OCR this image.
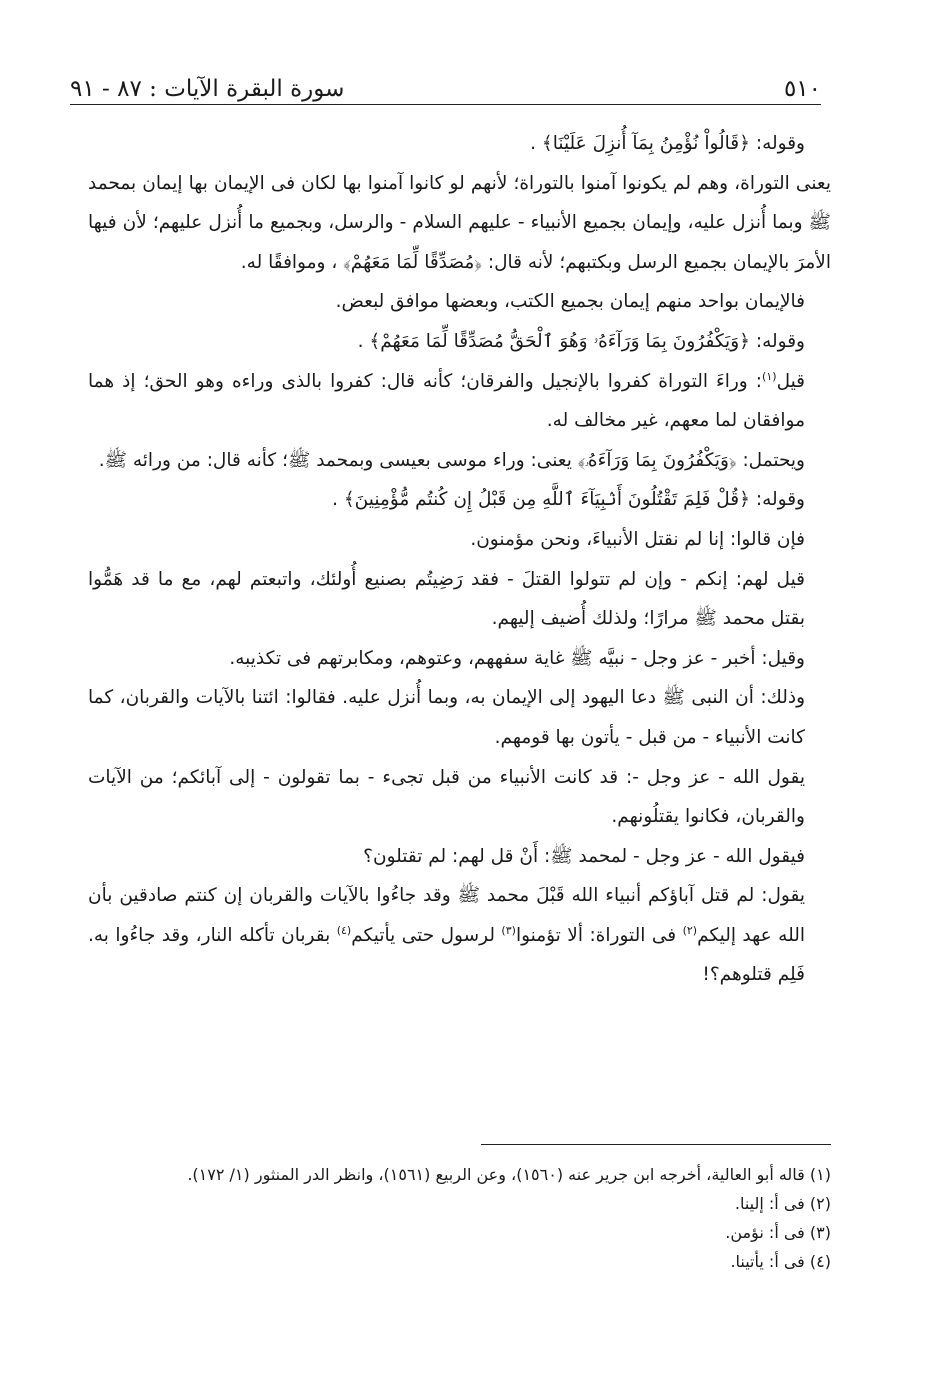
٥١٠
سورة البقرة الآيات : ٨٧ - ٩١

وقوله: ﴿قَالُواْ نُؤْمِنُ بِمَآ أُنزِلَ عَلَيْنَا﴾ .

يعنى التوراة، وهم لم يكونوا آمنوا بالتوراة؛ لأنهم لو كانوا آمنوا بها لكان فى الإيمان بها إيمان بمحمد ﷺ وبما أُنزل عليه، وإيمان بجميع الأنبياء - عليهم السلام - والرسل، وبجميع ما أُنزل عليهم؛ لأن فيها الأمرَ بالإيمان بجميع الرسل وبكتبهم؛ لأنه قال: ﴿مُصَدِّقًا لِّمَا مَعَهُمْ﴾ ، وموافقًا له.

فالإيمان بواحد منهم إيمان بجميع الكتب، وبعضها موافق لبعض.

وقوله: ﴿وَيَكْفُرُونَ بِمَا وَرَآءَهُۥ وَهُوَ ٱلْحَقُّ مُصَدِّقًا لِّمَا مَعَهُمْ﴾ .

قيل$^{(١)}$: وراءَ التوراة كفروا بالإنجيل والفرقان؛ كأنه قال: كفروا بالذى وراءه وهو الحق؛ إذ هما موافقان لما معهم، غير مخالف له.

ويحتمل: ﴿وَيَكْفُرُونَ بِمَا وَرَآءَهُۥ﴾ يعنى: وراء موسى بعيسى وبمحمد ﷺ؛ كأنه قال: من ورائه ﷺ.

وقوله: ﴿قُلْ فَلِمَ تَقْتُلُونَ أَنۢبِيَآءَ ٱللَّهِ مِن قَبْلُ إِن كُنتُم مُّؤْمِنِينَ﴾ .

فإن قالوا: إنا لم نقتل الأنبياءَ، ونحن مؤمنون.

قيل لهم: إنكم - وإن لم تتولوا القتلَ - فقد رَضِيتُم بصنيع أُولئك، واتبعتم لهم، مع ما قد هَمُّوا بقتل محمد ﷺ مرارًا؛ ولذلك أُضيف إليهم.

وقيل: أخبر - عز وجل - نبيَّه ﷺ غاية سفههم، وعتوهم، ومكابرتهم فى تكذيبه.

وذلك: أن النبى ﷺ دعا اليهود إلى الإيمان به، وبما أُنزل عليه. فقالوا: ائتنا بالآيات والقربان، كما كانت الأنبياء - من قبل - يأتون بها قومهم.

يقول الله - عز وجل -: قد كانت الأنبياء من قبل تجىء - بما تقولون - إلى آبائكم؛ من الآيات والقربان، فكانوا يقتلُونهم.

فيقول الله - عز وجل - لمحمد ﷺ: أَنْ قل لهم: لم تقتلون؟

يقول: لم قتل آباؤكم أنبياء الله قَبْلَ محمد ﷺ وقد جاءُوا بالآيات والقربان إن كنتم صادقين بأن الله عهد إليكم$^{(٢)}$ فى التوراة: ألا تؤمنوا$^{(٣)}$ لرسول حتى يأتيكم$^{(٤)}$ بقربان تأكله النار، وقد جاءُوا به. فَلِم قتلوهم؟!

(١) قاله أبو العالية، أخرجه ابن جرير عنه (١٥٦٠)، وعن الربيع (١٥٦١)، وانظر الدر المنثور (١/ ١٧٢).

(٢) فى أ: إلينا.

(٣) فى أ: نؤمن.

(٤) فى أ: يأتينا.
